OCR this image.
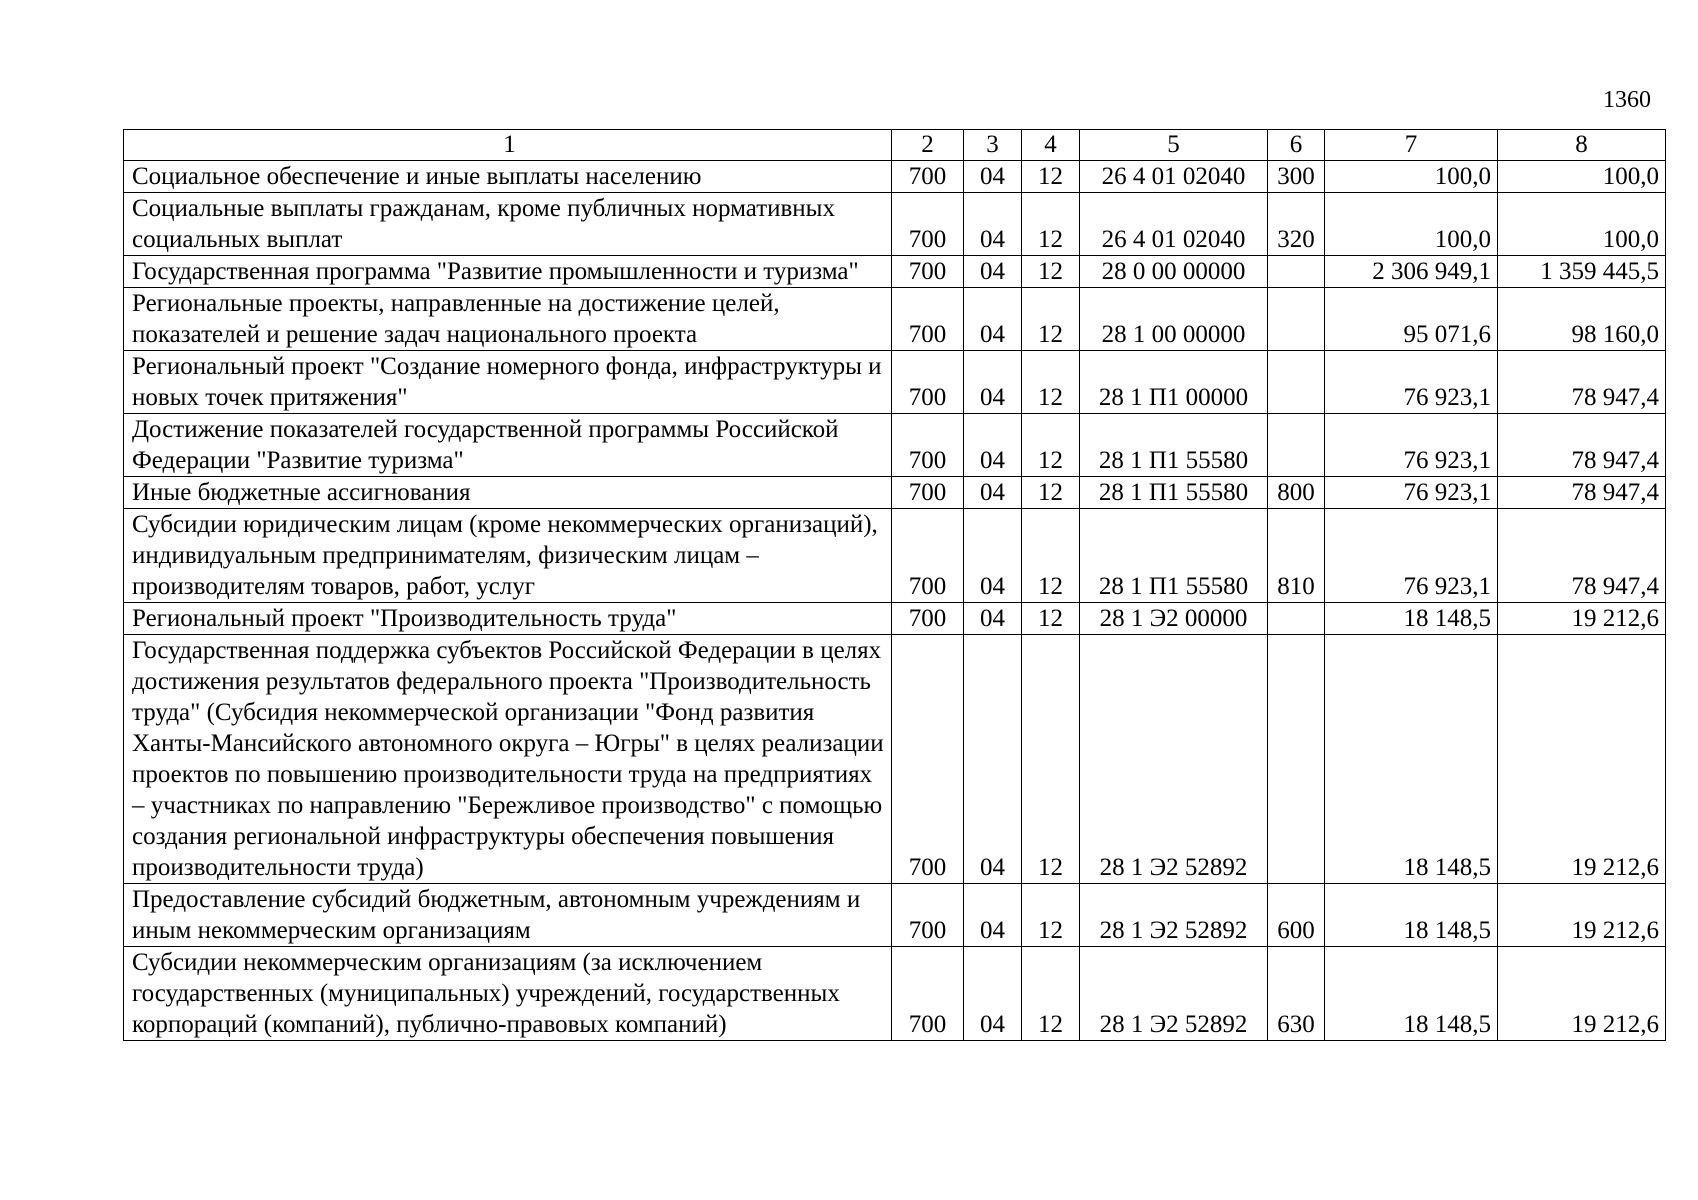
1360
1	2	3	4	5	6	7	8
Социальное обеспечение и иные выплаты населению	700	04	12	26 4 01 02040	300	100,0	100,0
Социальные выплаты гражданам, кроме публичных нормативных социальных выплат	700	04	12	26 4 01 02040	320	100,0	100,0
Государственная программа "Развитие промышленности и туризма"	700	04	12	28 0 00 00000		2 306 949,1	1 359 445,5
Региональные проекты, направленные на достижение целей, показателей и решение задач национального проекта	700	04	12	28 1 00 00000		95 071,6	98 160,0
Региональный проект "Создание номерного фонда, инфраструктуры и новых точек притяжения"	700	04	12	28 1 П1 00000		76 923,1	78 947,4
Достижение показателей государственной программы Российской Федерации "Развитие туризма"	700	04	12	28 1 П1 55580		76 923,1	78 947,4
Иные бюджетные ассигнования	700	04	12	28 1 П1 55580	800	76 923,1	78 947,4
Субсидии юридическим лицам (кроме некоммерческих организаций), индивидуальным предпринимателям, физическим лицам – производителям товаров, работ, услуг	700	04	12	28 1 П1 55580	810	76 923,1	78 947,4
Региональный проект "Производительность труда"	700	04	12	28 1 Э2 00000		18 148,5	19 212,6
Государственная поддержка субъектов Российской Федерации в целях достижения результатов федерального проекта "Производительность труда" (Субсидия некоммерческой организации "Фонд развития Ханты-Мансийского автономного округа – Югры" в целях реализации проектов по повышению производительности труда на предприятиях – участниках по направлению "Бережливое производство" с помощью создания региональной инфраструктуры обеспечения повышения производительности труда)	700	04	12	28 1 Э2 52892		18 148,5	19 212,6
Предоставление субсидий бюджетным, автономным учреждениям и иным некоммерческим организациям	700	04	12	28 1 Э2 52892	600	18 148,5	19 212,6
Субсидии некоммерческим организациям (за исключением государственных (муниципальных) учреждений, государственных корпораций (компаний), публично-правовых компаний)	700	04	12	28 1 Э2 52892	630	18 148,5	19 212,6
